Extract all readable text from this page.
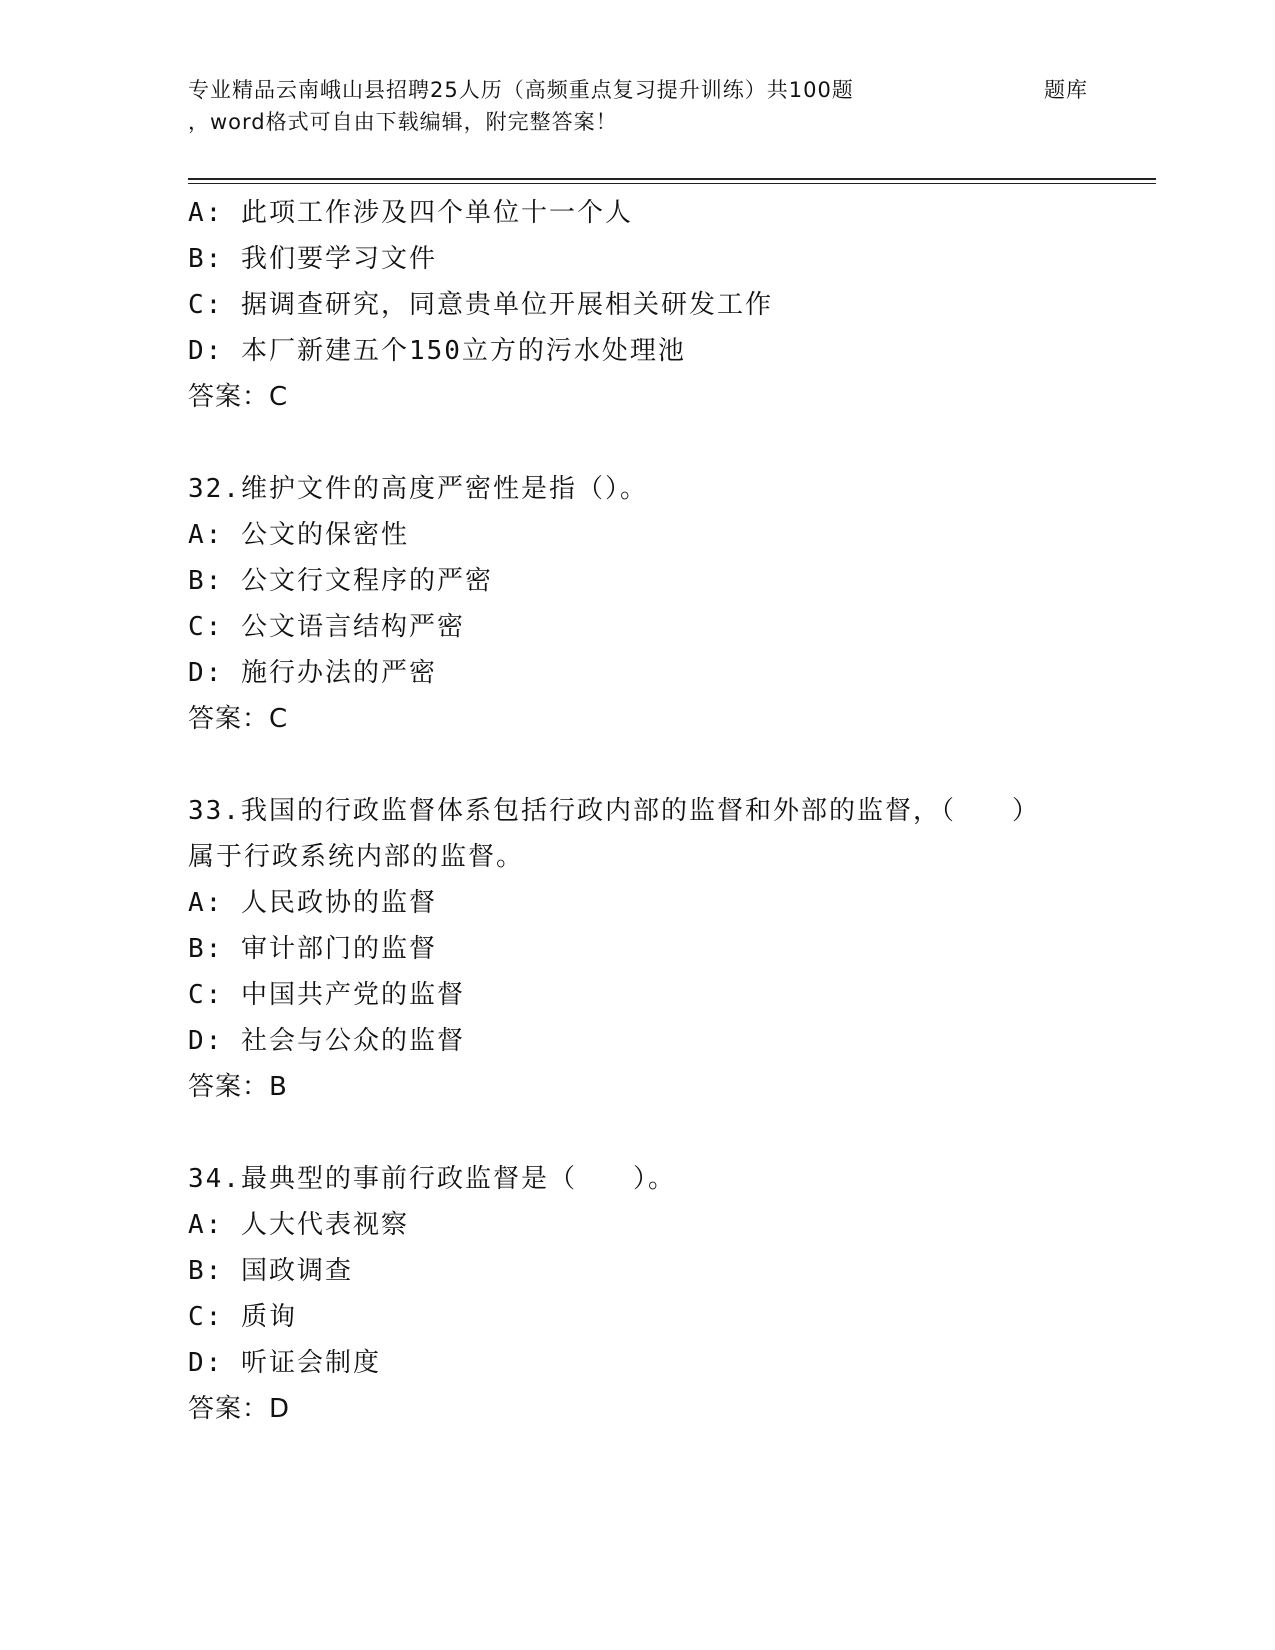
专业精品云南峨山县招聘25人历（高频重点复习提升训练）共100题	题库
，word格式可自由下载编辑，附完整答案！
A: 此项工作涉及四个单位十一个人
B: 我们要学习文件
C: 据调查研究，同意贵单位开展相关研发工作
D: 本厂新建五个150立方的污水处理池
答案：C
32.维护文件的高度严密性是指（）。
A: 公文的保密性
B: 公文行文程序的严密
C: 公文语言结构严密
D: 施行办法的严密
答案：C
33.我国的行政监督体系包括行政内部的监督和外部的监督，（　　）
属于行政系统内部的监督。
A: 人民政协的监督
B: 审计部门的监督
C: 中国共产党的监督
D: 社会与公众的监督
答案：B
34.最典型的事前行政监督是（　　）。
A: 人大代表视察
B: 国政调查
C: 质询
D: 听证会制度
答案：D
